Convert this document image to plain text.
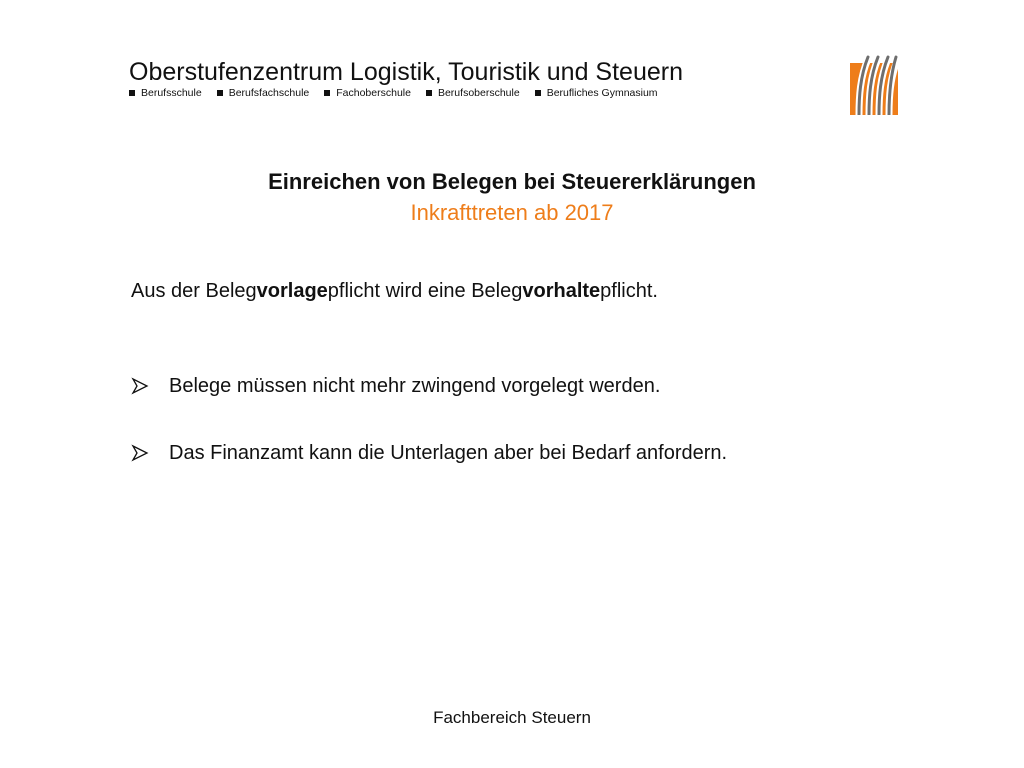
Oberstufenzentrum Logistik, Touristik und Steuern
Berufsschule	Berufsfachschule	Fachoberschule	Berufsoberschule	Berufliches Gymnasium
Einreichen von Belegen bei Steuererklärungen
Inkrafttreten ab 2017
Aus der Belegvorlagepflicht wird eine Belegvorhaltepflicht.
Belege müssen nicht mehr zwingend vorgelegt werden.
Das Finanzamt kann die Unterlagen aber bei Bedarf anfordern.
Fachbereich Steuern
